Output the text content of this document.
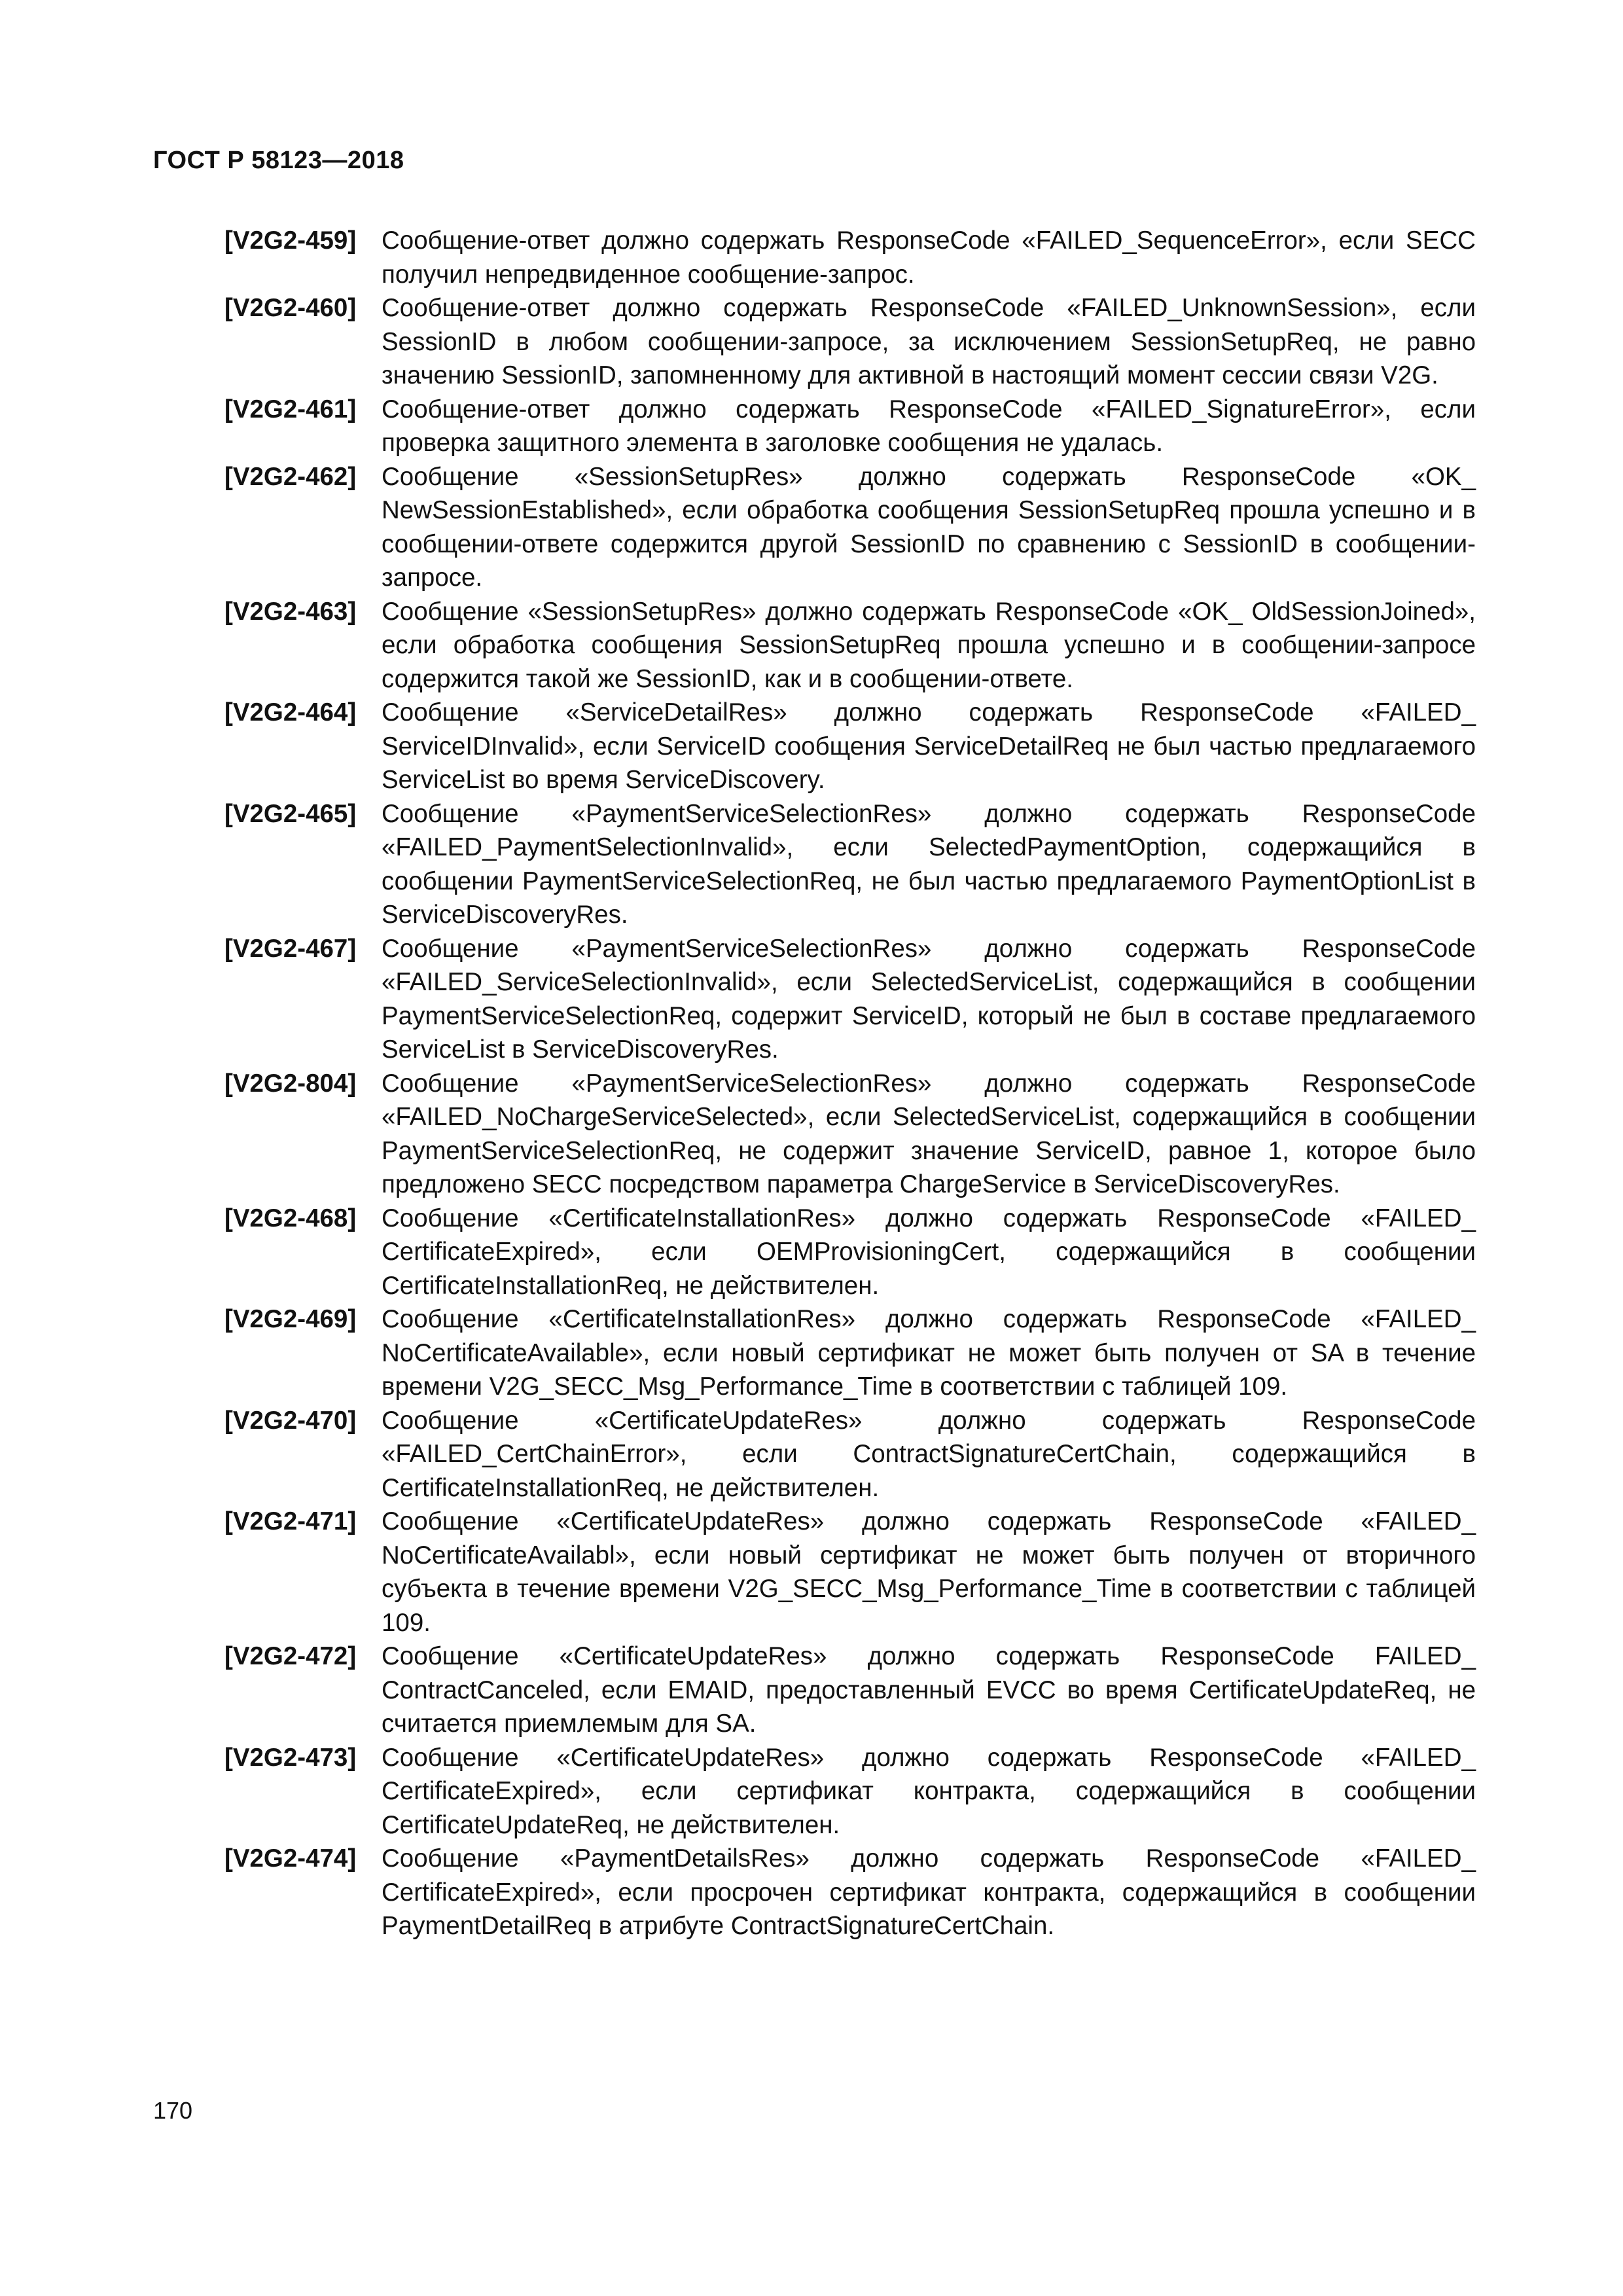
ГОСТ Р 58123—2018
[V2G2-459]	Сообщение-ответ должно содержать ResponseCode «FAILED_SequenceError», если SECC получил непредвиденное сообщение-запрос.
[V2G2-460]	Сообщение-ответ должно содержать ResponseCode «FAILED_UnknownSession», если SessionID в любом сообщении-запросе, за исключением SessionSetupReq, не равно значению SessionID, запомненному для активной в настоящий момент сессии связи V2G.
[V2G2-461]	Сообщение-ответ должно содержать ResponseCode «FAILED_SignatureError», если проверка защитного элемента в заголовке сообщения не удалась.
[V2G2-462]	Сообщение «SessionSetupRes» должно содержать ResponseCode «OK_ NewSessionEstablished», если обработка сообщения SessionSetupReq прошла успешно и в сообщении-ответе содержится другой SessionID по сравнению с SessionID в сообщении-запросе.
[V2G2-463]	Сообщение «SessionSetupRes» должно содержать ResponseCode «OK_ OldSessionJoined», если обработка сообщения SessionSetupReq прошла успешно и в сообщении-запросе содержится такой же SessionID, как и в сообщении-ответе.
[V2G2-464]	Сообщение «ServiceDetailRes» должно содержать ResponseCode «FAILED_ ServiceIDInvalid», если ServiceID сообщения ServiceDetailReq не был частью предлагаемого ServiceList во время ServiceDiscovery.
[V2G2-465]	Сообщение «PaymentServiceSelectionRes» должно содержать ResponseCode «FAILED_PaymentSelectionInvalid», если SelectedPaymentOption, содержащийся в сообщении PaymentServiceSelectionReq, не был частью предлагаемого PaymentOptionList в ServiceDiscoveryRes.
[V2G2-467]	Сообщение «PaymentServiceSelectionRes» должно содержать ResponseCode «FAILED_ServiceSelectionInvalid», если SelectedServiceList, содержащийся в сообщении PaymentServiceSelectionReq, содержит ServiceID, который не был в составе предлагаемого ServiceList в ServiceDiscoveryRes.
[V2G2-804]	Сообщение «PaymentServiceSelectionRes» должно содержать ResponseCode «FAILED_NoChargeServiceSelected», если SelectedServiceList, содержащийся в сообщении PaymentServiceSelectionReq, не содержит значение ServiceID, равное 1, которое было предложено SECC посредством параметра ChargeService в ServiceDiscoveryRes.
[V2G2-468]	Сообщение «CertificateInstallationRes» должно содержать ResponseCode «FAILED_ CertificateExpired», если OEMProvisioningCert, содержащийся в сообщении CertificateInstallationReq, не действителен.
[V2G2-469]	Сообщение «CertificateInstallationRes» должно содержать ResponseCode «FAILED_ NoCertificateAvailable», если новый сертификат не может быть получен от SA в течение времени V2G_SECC_Msg_Performance_Time в соответствии с таблицей 109.
[V2G2-470]	Сообщение «CertificateUpdateRes» должно содержать ResponseCode «FAILED_CertChainError», если ContractSignatureCertChain, содержащийся в CertificateInstallationReq, не действителен.
[V2G2-471]	Сообщение «CertificateUpdateRes» должно содержать ResponseCode «FAILED_ NoCertificateAvailabl», если новый сертификат не может быть получен от вторичного субъекта в течение времени V2G_SECC_Msg_Performance_Time в соответствии с таблицей 109.
[V2G2-472]	Сообщение «CertificateUpdateRes» должно содержать ResponseCode FAILED_ ContractCanceled, если EMAID, предоставленный EVCC во время CertificateUpdateReq, не считается приемлемым для SA.
[V2G2-473]	Сообщение «CertificateUpdateRes» должно содержать ResponseCode «FAILED_ CertificateExpired», если сертификат контракта, содержащийся в сообщении CertificateUpdateReq, не действителен.
[V2G2-474]	Сообщение «PaymentDetailsRes» должно содержать ResponseCode «FAILED_ CertificateExpired», если просрочен сертификат контракта, содержащийся в сообщении PaymentDetailReq в атрибуте ContractSignatureCertChain.
170
